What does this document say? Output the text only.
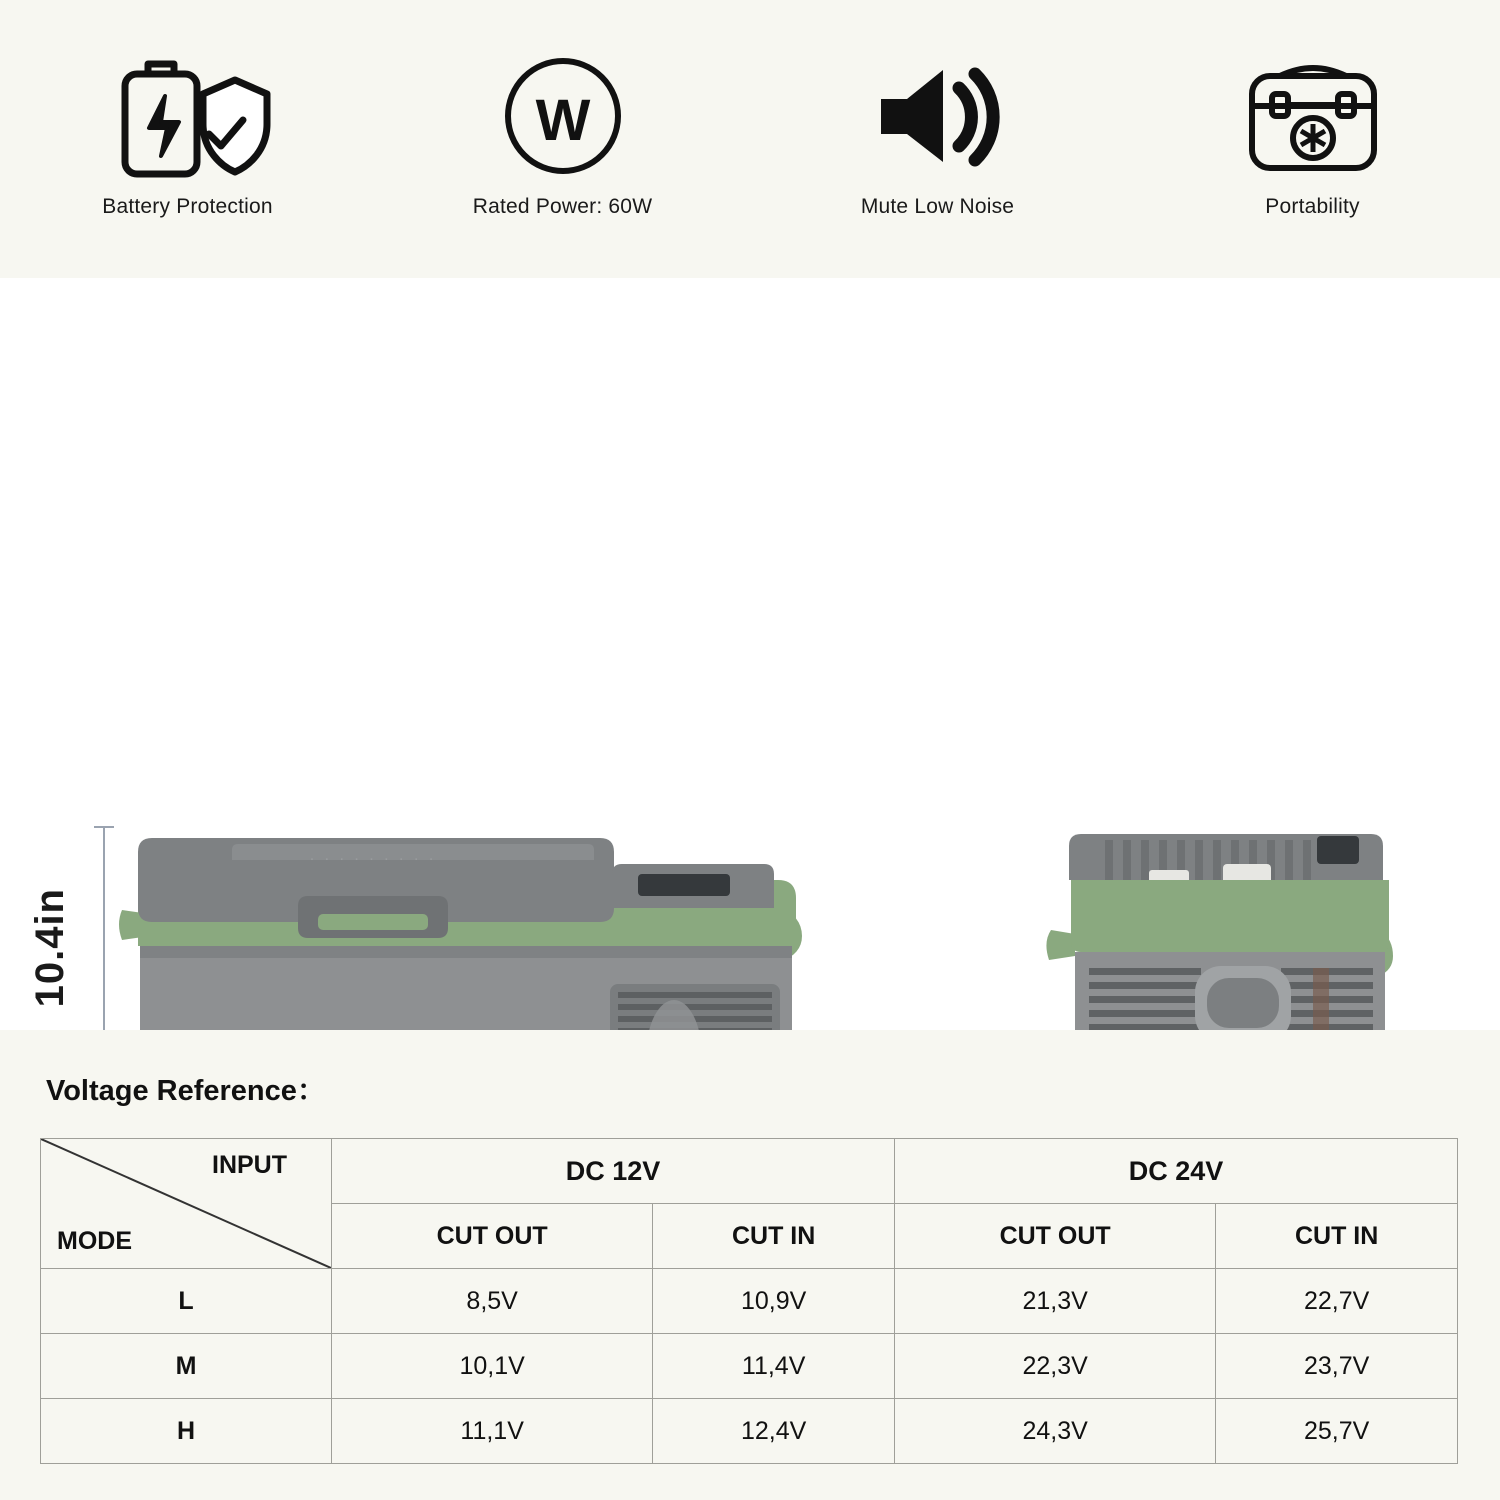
Battery Protection
W
Rated Power: 60W	Mute Low Noise	Portability
10.4in
. . . . . . . . .
Voltage Reference：
INPUT
MODE	DC 12V		DC 24V	
	CUT OUT	CUT IN	CUT OUT	CUT IN
L	8,5V	10,9V	21,3V	22,7V
M	10,1V	11,4V	22,3V	23,7V
H	11,1V	12,4V	24,3V	25,7V
